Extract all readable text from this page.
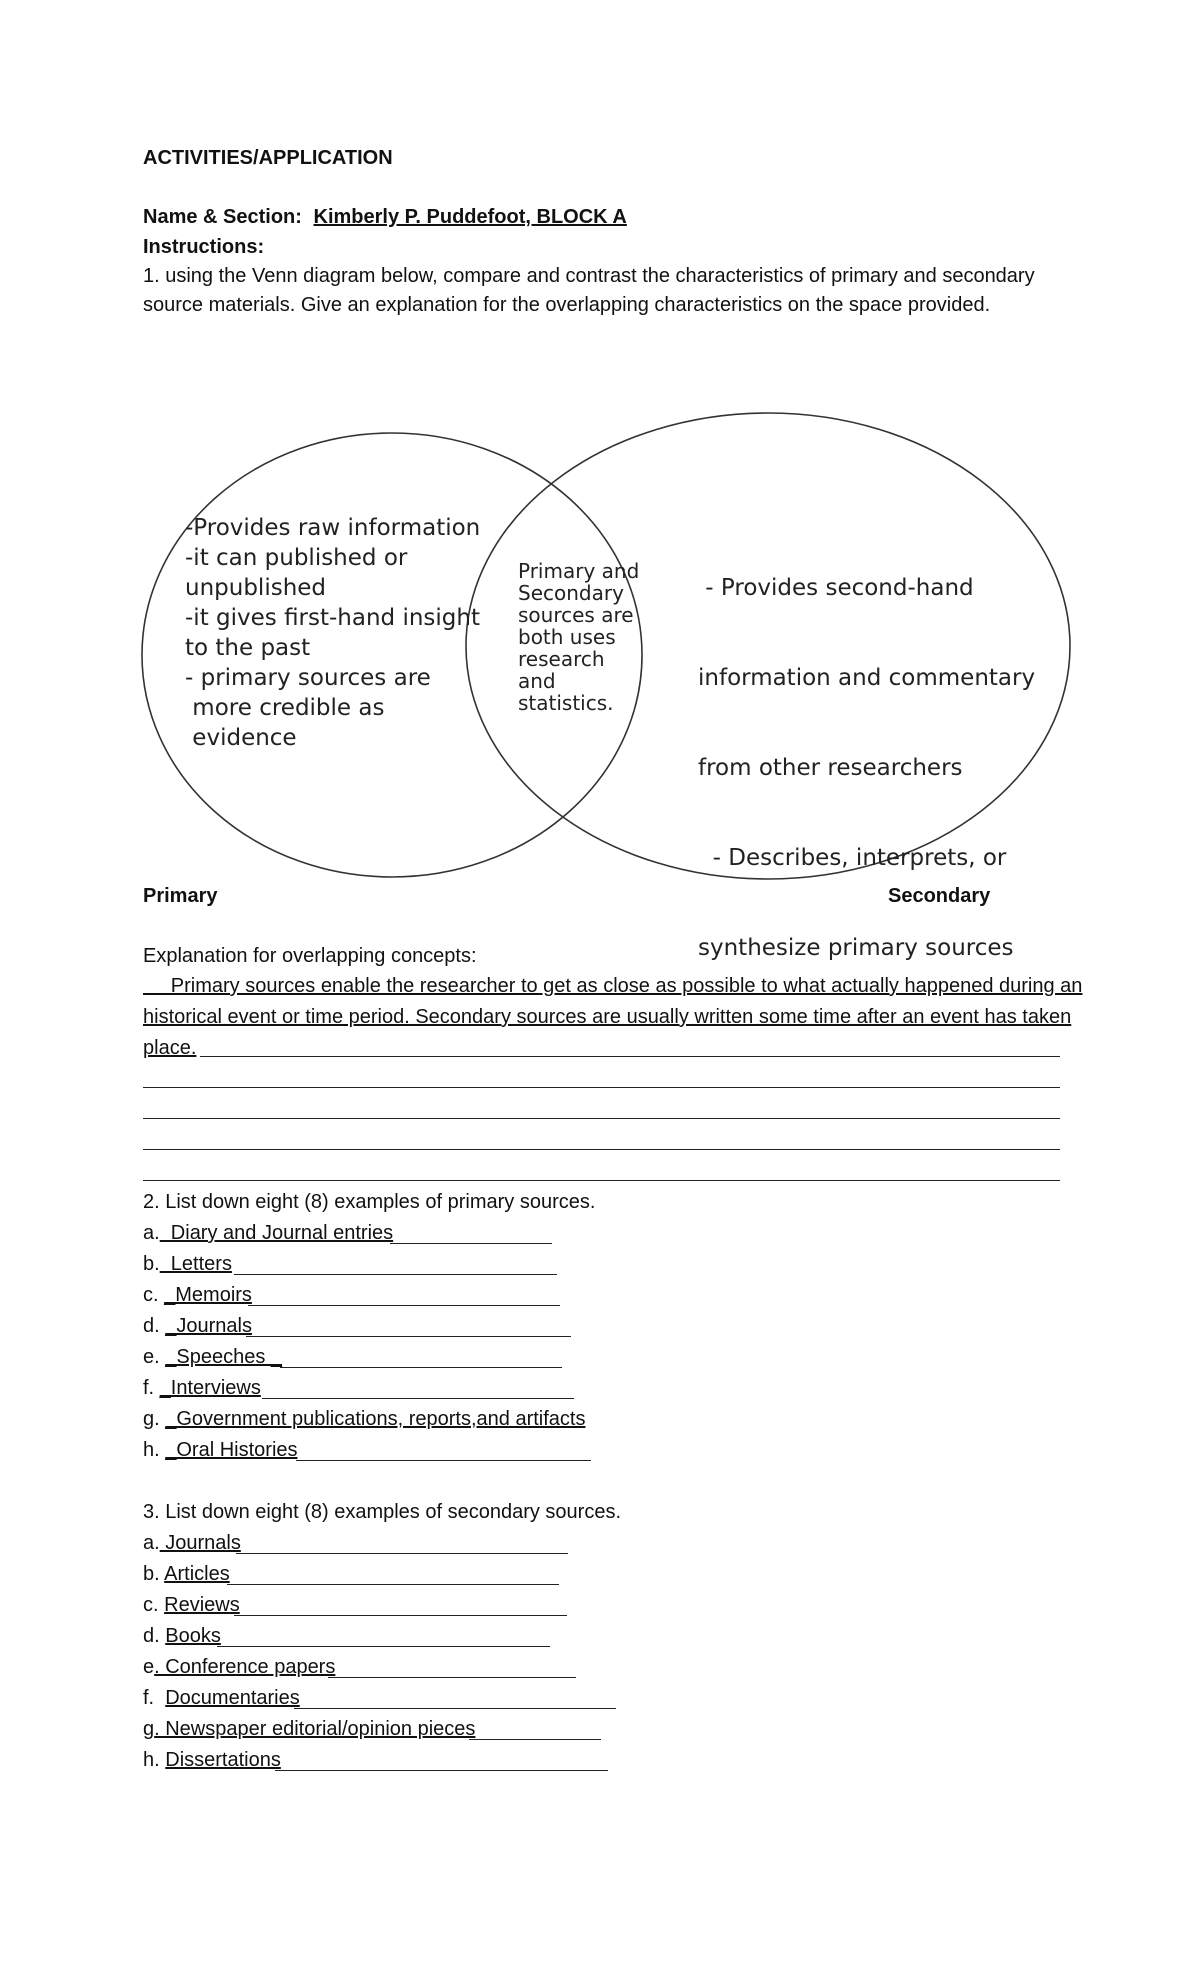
ACTIVITIES/APPLICATION
Name & Section: Kimberly P. Puddefoot, BLOCK A
Instructions:
1. using the Venn diagram below, compare and contrast the characteristics of primary and secondary
source materials. Give an explanation for the overlapping characteristics on the space provided.
-Provides raw information
-it can published or
unpublished
-it gives first-hand insight
to the past
- primary sources are
more credible as
evidence
Primary and
Secondary
sources are
both uses
research
and
statistics.

- Provides second-hand

information and commentary

from other researchers

- Describes, interprets, or

synthesize primary sources

Primary	Secondary
Explanation for overlapping concepts:
Primary sources enable the researcher to get as close as possible to what actually happened during an
historical event or time period. Secondary sources are usually written some time after an event has taken
place.
2. List down eight (8) examples of primary sources.
a.  Diary and Journal entries
b.  Letters
c. _Memoirs
d. _Journals
e. _Speeches _
f. _Interviews
g. _Government publications, reports,and artifacts
h. _Oral Histories
3. List down eight (8) examples of secondary sources.
a. Journals
b. Articles
c. Reviews
d. Books
e. Conference papers
f.  Documentaries
g. Newspaper editorial/opinion pieces
h. Dissertations
